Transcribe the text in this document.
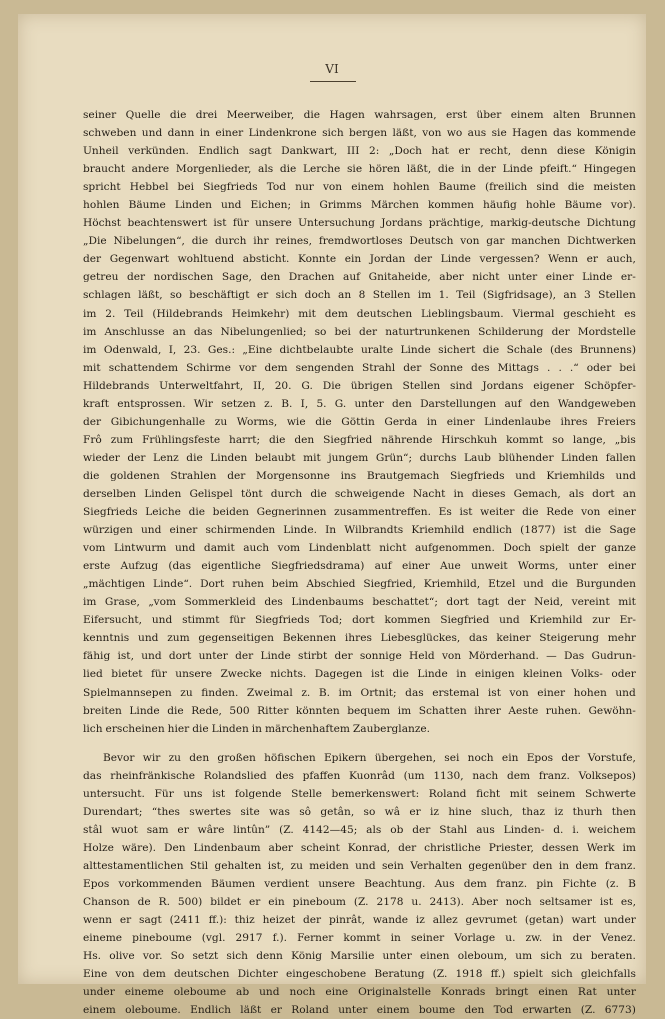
VI
seiner Quelle die drei Meerweiber, die Hagen wahrsagen, erst über einem alten Brunnen
schweben und dann in einer Lindenkrone sich bergen läßt, von wo aus sie Hagen das kommende
Unheil verkünden. Endlich sagt Dankwart, III 2: „Doch hat er recht, denn diese Königin
braucht andere Morgenlieder, als die Lerche sie hören läßt, die in der Linde pfeift.“ Hingegen
spricht Hebbel bei Siegfrieds Tod nur von einem hohlen Baume (freilich sind die meisten
hohlen Bäume Linden und Eichen; in Grimms Märchen kommen häufig hohle Bäume vor).
Höchst beachtenswert ist für unsere Untersuchung Jordans prächtige, markig-deutsche Dichtung
„Die Nibelungen“, die durch ihr reines, fremdwortloses Deutsch von gar manchen Dichtwerken
der Gegenwart wohltuend absticht. Konnte ein Jordan der Linde vergessen? Wenn er auch,
getreu der nordischen Sage, den Drachen auf Gnitaheide, aber nicht unter einer Linde er-
schlagen läßt, so beschäftigt er sich doch an 8 Stellen im 1. Teil (Sigfridsage), an 3 Stellen
im 2. Teil (Hildebrands Heimkehr) mit dem deutschen Lieblingsbaum. Viermal geschieht es
im Anschlusse an das Nibelungenlied; so bei der naturtrunkenen Schilderung der Mordstelle
im Odenwald, I, 23. Ges.: „Eine dichtbelaubte uralte Linde sichert die Schale (des Brunnens)
mit schattendem Schirme vor dem sengenden Strahl der Sonne des Mittags . . .“ oder bei
Hildebrands Unterweltfahrt, II, 20. G. Die übrigen Stellen sind Jordans eigener Schöpfer-
kraft entsprossen. Wir setzen z. B. I, 5. G. unter den Darstellungen auf den Wandgeweben
der Gibichungenhalle zu Worms, wie die Göttin Gerda in einer Lindenlaube ihres Freiers
Frô zum Frühlingsfeste harrt; die den Siegfried nährende Hirschkuh kommt so lange, „bis
wieder der Lenz die Linden belaubt mit jungem Grün“; durchs Laub blühender Linden fallen
die goldenen Strahlen der Morgensonne ins Brautgemach Siegfrieds und Kriemhilds und
derselben Linden Gelispel tönt durch die schweigende Nacht in dieses Gemach, als dort an
Siegfrieds Leiche die beiden Gegnerinnen zusammentreffen. Es ist weiter die Rede von einer
würzigen und einer schirmenden Linde. In Wilbrandts Kriemhild endlich (1877) ist die Sage
vom Lintwurm und damit auch vom Lindenblatt nicht aufgenommen. Doch spielt der ganze
erste Aufzug (das eigentliche Siegfriedsdrama) auf einer Aue unweit Worms, unter einer
„mächtigen Linde“. Dort ruhen beim Abschied Siegfried, Kriemhild, Etzel und die Burgunden
im Grase, „vom Sommerkleid des Lindenbaums beschattet“; dort tagt der Neid, vereint mit
Eifersucht, und stimmt für Siegfrieds Tod; dort kommen Siegfried und Kriemhild zur Er-
kenntnis und zum gegenseitigen Bekennen ihres Liebesglückes, das keiner Steigerung mehr
fähig ist, und dort unter der Linde stirbt der sonnige Held von Mörderhand. — Das Gudrun-
lied bietet für unsere Zwecke nichts. Dagegen ist die Linde in einigen kleinen Volks- oder
Spielmannsepen zu finden. Zweimal z. B. im Ortnit; das erstemal ist von einer hohen und
breiten Linde die Rede, 500 Ritter könnten bequem im Schatten ihrer Aeste ruhen. Gewöhn-
lich erscheinen hier die Linden in märchenhaftem Zauberglanze.
Bevor wir zu den großen höfischen Epikern übergehen, sei noch ein Epos der Vorstufe,
das rheinfränkische Rolandslied des pfaffen Kuonrâd (um 1130, nach dem franz. Volksepos)
untersucht. Für uns ist folgende Stelle bemerkenswert: Roland ficht mit seinem Schwerte
Durendart; “thes swertes site was sô getân, so wâ er iz hine sluch, thaz iz thurh then
stâl wuot sam er wâre lintûn” (Z. 4142—45; als ob der Stahl aus Linden- d. i. weichem
Holze wäre). Den Lindenbaum aber scheint Konrad, der christliche Priester, dessen Werk im
alttestamentlichen Stil gehalten ist, zu meiden und sein Verhalten gegenüber den in dem franz.
Epos vorkommenden Bäumen verdient unsere Beachtung. Aus dem franz. pin Fichte (z. B
Chanson de R. 500) bildet er ein pineboum (Z. 2178 u. 2413). Aber noch seltsamer ist es,
wenn er sagt (2411 ff.): thiz heizet der pinrât, wande iz allez gevrumet (getan) wart under
eineme pineboume (vgl. 2917 f.). Ferner kommt in seiner Vorlage u. zw. in der Venez.
Hs. olive vor. So setzt sich denn König Marsilie unter einen oleboum, um sich zu beraten.
Eine von dem deutschen Dichter eingeschobene Beratung (Z. 1918 ff.) spielt sich gleichfalls
under eineme oleboume ab und noch eine Originalstelle Konrads bringt einen Rat unter
einem oleboume. Endlich läßt er Roland unter einem boume den Tod erwarten (Z. 6773)
